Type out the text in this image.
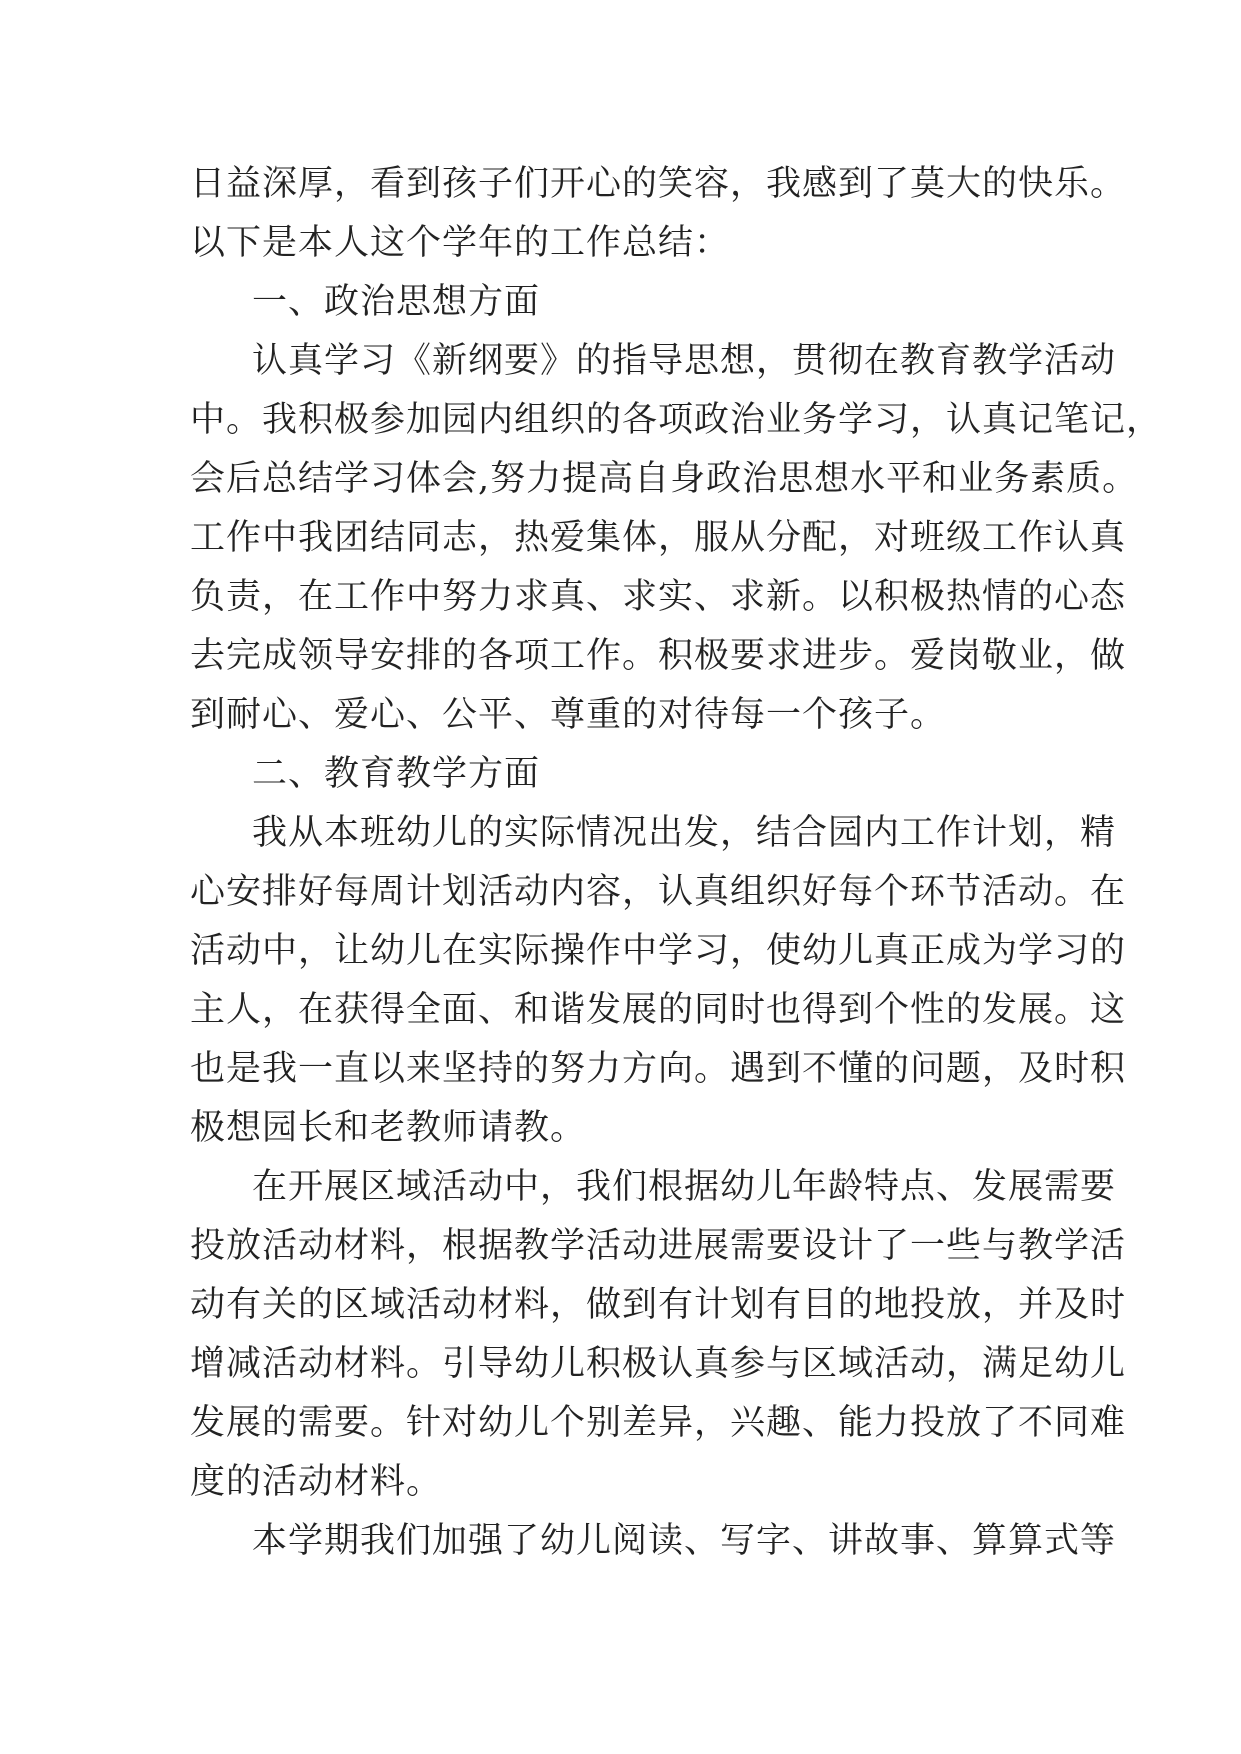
日益深厚，看到孩子们开心的笑容，我感到了莫大的快乐。
以下是本人这个学年的工作总结：
一、政治思想方面
认真学习《新纲要》的指导思想，贯彻在教育教学活动
中。我积极参加园内组织的各项政治业务学习，认真记笔记，
会后总结学习体会,努力提高自身政治思想水平和业务素质。
工作中我团结同志，热爱集体，服从分配，对班级工作认真
负责，在工作中努力求真、求实、求新。以积极热情的心态
去完成领导安排的各项工作。积极要求进步。爱岗敬业，做
到耐心、爱心、公平、尊重的对待每一个孩子。
二、教育教学方面
我从本班幼儿的实际情况出发，结合园内工作计划，精
心安排好每周计划活动内容，认真组织好每个环节活动。在
活动中，让幼儿在实际操作中学习，使幼儿真正成为学习的
主人，在获得全面、和谐发展的同时也得到个性的发展。这
也是我一直以来坚持的努力方向。遇到不懂的问题，及时积
极想园长和老教师请教。
在开展区域活动中，我们根据幼儿年龄特点、发展需要
投放活动材料，根据教学活动进展需要设计了一些与教学活
动有关的区域活动材料，做到有计划有目的地投放，并及时
增减活动材料。引导幼儿积极认真参与区域活动，满足幼儿
发展的需要。针对幼儿个别差异，兴趣、能力投放了不同难
度的活动材料。
本学期我们加强了幼儿阅读、写字、讲故事、算算式等
